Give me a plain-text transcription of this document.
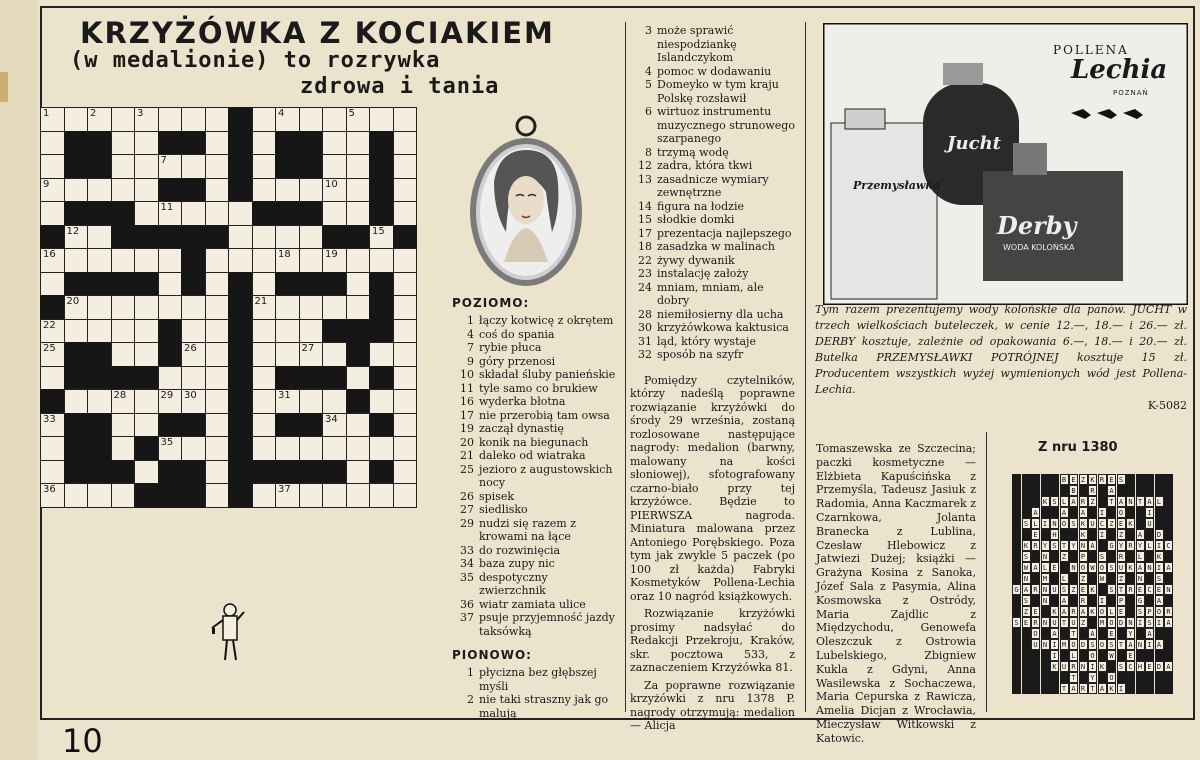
KRZYŻÓWKA Z KOCIAKIEM
(w medalionie) to rozrywka
zdrowa i tania
1	2	3	4	5
7
9	10
11
12	15
16	18	19
20	21
22
25	26	27
28	29 30	31
33	34
35
36	37
POZIOMO:
1 łączy kotwicę z okrętem
4 coś do spania
7 rybie płuca
9 góry przenosi
10 składał śluby panieńskie
11 tyle samo co brukiew
16 wyderka błotna
17 nie przerobią tam owsa
19 zaczął dynastię
20 konik na biegunach
21 daleko od wiatraka
25 jezioro z augustowskich nocy
26 spisek
27 siedlisko
29 nudzi się razem z krowami na łące
33 do rozwinięcia
34 baza zupy nic
35 despotyczny zwierzchnik
36 wiatr zamiata ulice
37 psuje przyjemność jazdy taksówką
PIONOWO:
1 płycizna bez głębszej myśli
2 nie taki straszny jak go malują
3 może sprawić niespodziankę Islandczykom
4 pomoc w dodawaniu
5 Domeyko w tym kraju Polskę rozsławił
6 wirtuoz instrumentu muzycznego strunowego szarpanego
8 trzymą wodę
12 zadra, która tkwi
13 zasadnicze wymiary zewnętrzne
14 figura na łodzie
15 słodkie domki
17 prezentacja najlepszego
18 zasadzka w malinach
22 żywy dywanik
23 instalację założy
24 mniam, mniam, ale dobry
28 niemiłosierny dla ucha
30 krzyżówkowa kaktusica
31 ląd, który wystaje
32 sposób na szyfr
Pomiędzy czytelników, którzy nadeślą poprawne rozwiązanie krzyżówki do środy 29 września, zostaną rozlosowane następujące nagrody: medalion (barwny, malowany na kości słoniowej), sfotografowany czarno-biało przy tej krzyżówce. Będzie to PIERWSZA nagroda. Miniatura malowana przez Antoniego Porębskiego. Poza tym jak zwykle 5 paczek (po 100 zł każda) Fabryki Kosmetyków Pollena-Lechia oraz 10 nagród książkowych.
Rozwiązanie krzyżówki prosimy nadsyłać do Redakcji Przekroju, Kraków, skr. pocztowa 533, z zaznaczeniem Krzyżówka 81.
Za poprawne rozwiązanie krzyżówki z nru 1378 P. nagrody otrzymują: medalion — Alicja
POLLENA
Lechia
POZNAŃ
Przemysławka
Jucht
Derby
WODA KOLOŃSKA
Tym razem prezentujemy wody kolońskie dla panów. JUCHT w trzech wielkościach buteleczek, w cenie 12.—, 18.— i 26.— zł. DERBY kosztuje, zależnie od opakowania 6.—, 18.— i 20.— zł. Butelka PRZEMYSŁAWKI POTRÓJNEJ kosztuje 15 zł. Producentem wszystkich wyżej wymienionych wód jest Pollena-Lechia.
K-5082
Tomaszewska ze Szczecina; paczki kosmetyczne — Elżbieta Kapuścińska z Przemyśla, Tadeusz Jasiuk z Radomia, Anna Kaczmarek z Czarnkowa, Jolanta Branecka z Lublina, Czesław Hlebowicz z Jatwiezi Dużej; książki — Grażyna Kosina z Sanoka, Józef Sala z Pasymia, Alina Kosmowska z Ostródy, Maria Zajdlic z Międzychodu, Genowefa Oleszczuk z Ostrowia Lubelskiego, Zbigniew Kukla z Gdyni, Anna Wasilewska z Sochaczewa, Maria Cepurska z Rawicza, Amelia Dicjan z Wrocławia, Mieczysław Witkowski z Katowic.
Z nru 1380
B E Z K R E S
B	R	A
K S L A R Z	T A N T A L
A	A	A	I	O	I
S L I N O S K U C Z E K	U
E	H	K	I	Z	A	D
K R Y S T Y N A	G Y R Y L I C
S	N	Z	P	S	R	L	K
W A L E	N O W O S U K A N I A
N	M	L	Z	W	Z	N	S
G A R N U S Z E K	S T R E C E N
S	N	A	R	I	P	G	A
Z E	K A R A K O L E	S P O R
S E R N U T U Z	M O D N I S I A
O	A	T	A	E	Y	A
U N I M O D S O S T A N I A
I	L	O	W	E
K U R N I K	S C H E D A
T	Y	O
T A R T A K I
10
